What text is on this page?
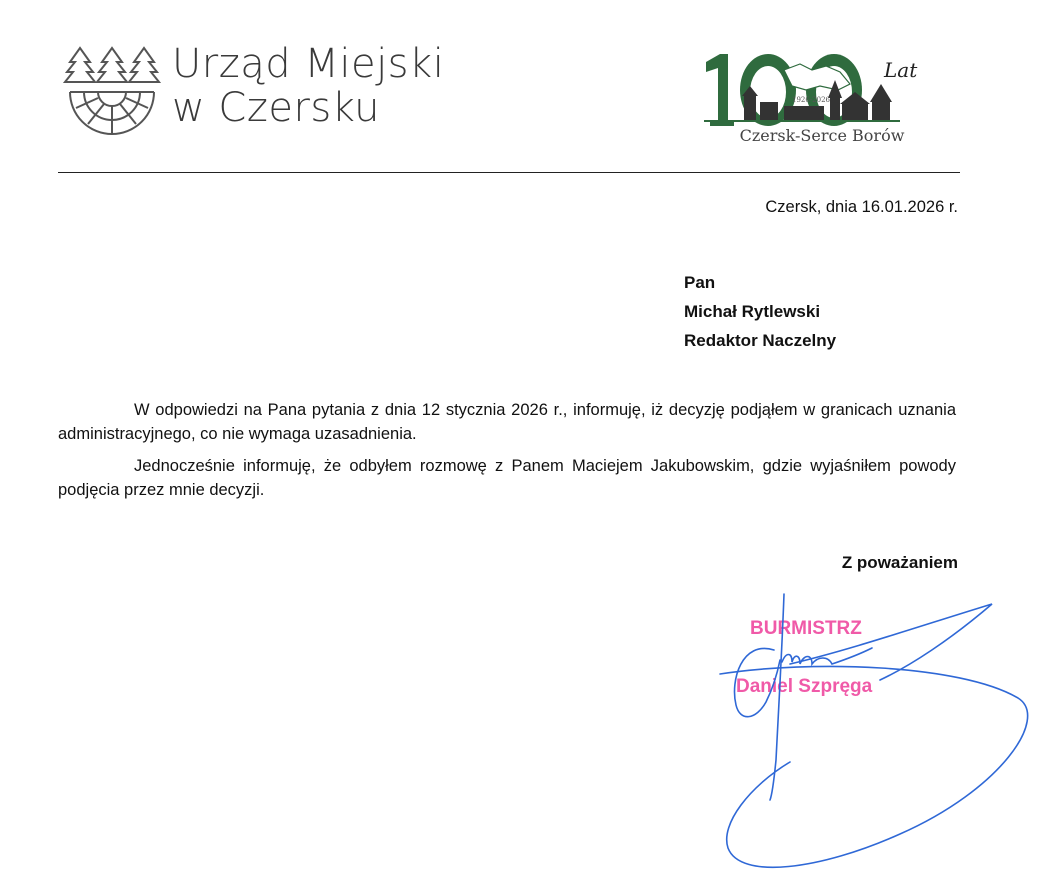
Urząd Miejski
w Czersku	1926-2026
Lat
Czersk-Serce Borów
Czersk, dnia 16.01.2026 r.
Pan
Michał Rytlewski
Redaktor Naczelny

W odpowiedzi na Pana pytania z dnia 12 stycznia 2026 r., informuję, iż decyzję podjąłem w granicach uznania administracyjnego, co nie wymaga uzasadnienia.

Jednocześnie informuję, że odbyłem rozmowę z Panem Maciejem Jakubowskim, gdzie wyjaśniłem powody podjęcia przez mnie decyzji.

Z poważaniem
BURMISTRZ
Daniel Szpręga
